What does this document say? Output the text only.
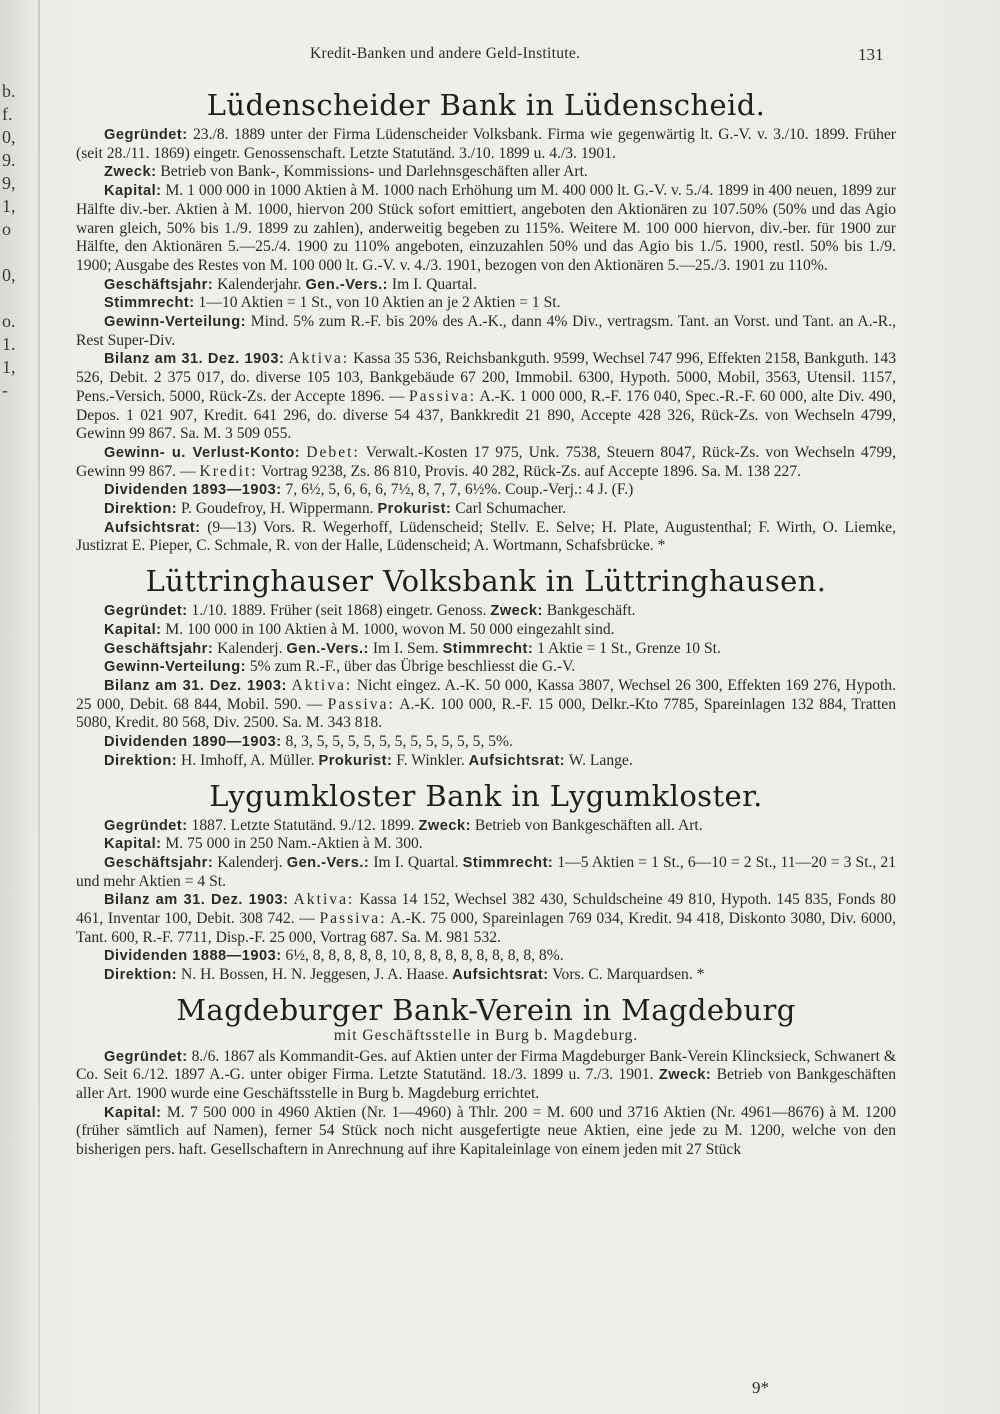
b.
f.
0,
9.
9,
1,
o
0,
o.
1.
1,
-
Kredit-Banken und andere Geld-Institute.	131
Lüdenscheider Bank in Lüdenscheid.

Gegründet: 23./8. 1889 unter der Firma Lüdenscheider Volksbank. Firma wie gegenwärtig lt. G.-V. v. 3./10. 1899. Früher (seit 28./11. 1869) eingetr. Genossenschaft. Letzte Statutänd. 3./10. 1899 u. 4./3. 1901.

Zweck: Betrieb von Bank-, Kommissions- und Darlehnsgeschäften aller Art.

Kapital: M. 1 000 000 in 1000 Aktien à M. 1000 nach Erhöhung um M. 400 000 lt. G.-V. v. 5./4. 1899 in 400 neuen, 1899 zur Hälfte div.-ber. Aktien à M. 1000, hiervon 200 Stück sofort emittiert, angeboten den Aktionären zu 107.50% (50% und das Agio waren gleich, 50% bis 1./9. 1899 zu zahlen), anderweitig begeben zu 115%. Weitere M. 100 000 hiervon, div.-ber. für 1900 zur Hälfte, den Aktionären 5.—25./4. 1900 zu 110% angeboten, einzuzahlen 50% und das Agio bis 1./5. 1900, restl. 50% bis 1./9. 1900; Ausgabe des Restes von M. 100 000 lt. G.-V. v. 4./3. 1901, bezogen von den Aktionären 5.—25./3. 1901 zu 110%.

Geschäftsjahr: Kalenderjahr. Gen.-Vers.: Im I. Quartal.

Stimmrecht: 1—10 Aktien = 1 St., von 10 Aktien an je 2 Aktien = 1 St.

Gewinn-Verteilung: Mind. 5% zum R.-F. bis 20% des A.-K., dann 4% Div., vertragsm. Tant. an Vorst. und Tant. an A.-R., Rest Super-Div.

Bilanz am 31. Dez. 1903: Aktiva: Kassa 35 536, Reichsbankguth. 9599, Wechsel 747 996, Effekten 2158, Bankguth. 143 526, Debit. 2 375 017, do. diverse 105 103, Bankgebäude 67 200, Immobil. 6300, Hypoth. 5000, Mobil, 3563, Utensil. 1157, Pens.-Versich. 5000, Rück-Zs. der Accepte 1896. — Passiva: A.-K. 1 000 000, R.-F. 176 040, Spec.-R.-F. 60 000, alte Div. 490, Depos. 1 021 907, Kredit. 641 296, do. diverse 54 437, Bankkredit 21 890, Accepte 428 326, Rück-Zs. von Wechseln 4799, Gewinn 99 867. Sa. M. 3 509 055.

Gewinn- u. Verlust-Konto: Debet: Verwalt.-Kosten 17 975, Unk. 7538, Steuern 8047, Rück-Zs. von Wechseln 4799, Gewinn 99 867. — Kredit: Vortrag 9238, Zs. 86 810, Provis. 40 282, Rück-Zs. auf Accepte 1896. Sa. M. 138 227.

Dividenden 1893—1903: 7, 6½, 5, 6, 6, 6, 7½, 8, 7, 7, 6½%. Coup.-Verj.: 4 J. (F.)

Direktion: P. Goudefroy, H. Wippermann. Prokurist: Carl Schumacher.

Aufsichtsrat: (9—13) Vors. R. Wegerhoff, Lüdenscheid; Stellv. E. Selve; H. Plate, Augustenthal; F. Wirth, O. Liemke, Justizrat E. Pieper, C. Schmale, R. von der Halle, Lüdenscheid; A. Wortmann, Schafsbrücke. *

Lüttringhauser Volksbank in Lüttringhausen.

Gegründet: 1./10. 1889. Früher (seit 1868) eingetr. Genoss. Zweck: Bankgeschäft.

Kapital: M. 100 000 in 100 Aktien à M. 1000, wovon M. 50 000 eingezahlt sind.

Geschäftsjahr: Kalenderj. Gen.-Vers.: Im I. Sem. Stimmrecht: 1 Aktie = 1 St., Grenze 10 St.

Gewinn-Verteilung: 5% zum R.-F., über das Übrige beschliesst die G.-V.

Bilanz am 31. Dez. 1903: Aktiva: Nicht eingez. A.-K. 50 000, Kassa 3807, Wechsel 26 300, Effekten 169 276, Hypoth. 25 000, Debit. 68 844, Mobil. 590. — Passiva: A.-K. 100 000, R.-F. 15 000, Delkr.-Kto 7785, Spareinlagen 132 884, Tratten 5080, Kredit. 80 568, Div. 2500. Sa. M. 343 818.

Dividenden 1890—1903: 8, 3, 5, 5, 5, 5, 5, 5, 5, 5, 5, 5, 5, 5%.

Direktion: H. Imhoff, A. Müller. Prokurist: F. Winkler. Aufsichtsrat: W. Lange.

Lygumkloster Bank in Lygumkloster.

Gegründet: 1887. Letzte Statutänd. 9./12. 1899. Zweck: Betrieb von Bankgeschäften all. Art.

Kapital: M. 75 000 in 250 Nam.-Aktien à M. 300.

Geschäftsjahr: Kalenderj. Gen.-Vers.: Im I. Quartal. Stimmrecht: 1—5 Aktien = 1 St., 6—10 = 2 St., 11—20 = 3 St., 21 und mehr Aktien = 4 St.

Bilanz am 31. Dez. 1903: Aktiva: Kassa 14 152, Wechsel 382 430, Schuldscheine 49 810, Hypoth. 145 835, Fonds 80 461, Inventar 100, Debit. 308 742. — Passiva: A.-K. 75 000, Spareinlagen 769 034, Kredit. 94 418, Diskonto 3080, Div. 6000, Tant. 600, R.-F. 7711, Disp.-F. 25 000, Vortrag 687. Sa. M. 981 532.

Dividenden 1888—1903: 6½, 8, 8, 8, 8, 8, 10, 8, 8, 8, 8, 8, 8, 8, 8, 8%.

Direktion: N. H. Bossen, H. N. Jeggesen, J. A. Haase. Aufsichtsrat: Vors. C. Marquardsen. *

Magdeburger Bank-Verein in Magdeburg
mit Geschäftsstelle in Burg b. Magdeburg.

Gegründet: 8./6. 1867 als Kommandit-Ges. auf Aktien unter der Firma Magdeburger Bank-Verein Klincksieck, Schwanert & Co. Seit 6./12. 1897 A.-G. unter obiger Firma. Letzte Statutänd. 18./3. 1899 u. 7./3. 1901. Zweck: Betrieb von Bankgeschäften aller Art. 1900 wurde eine Geschäftsstelle in Burg b. Magdeburg errichtet.

Kapital: M. 7 500 000 in 4960 Aktien (Nr. 1—4960) à Thlr. 200 = M. 600 und 3716 Aktien (Nr. 4961—8676) à M. 1200 (früher sämtlich auf Namen), ferner 54 Stück noch nicht ausgefertigte neue Aktien, eine jede zu M. 1200, welche von den bisherigen pers. haft. Gesellschaftern in Anrechnung auf ihre Kapitaleinlage von einem jeden mit 27 Stück

9*
